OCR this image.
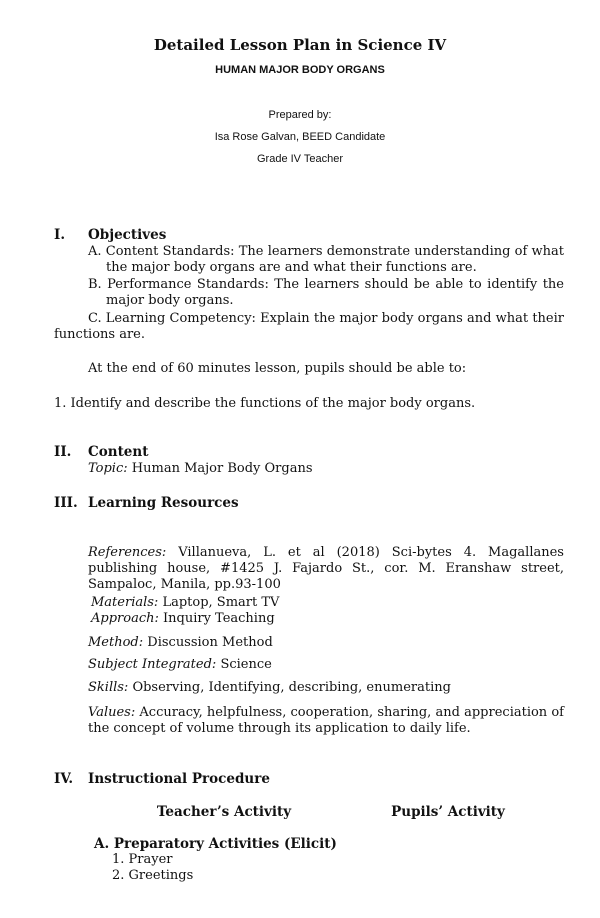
Detailed Lesson Plan in Science IV
HUMAN MAJOR BODY ORGANS
Prepared by:
Isa Rose Galvan, BEED Candidate
Grade IV Teacher
I. Objectives
A. Content Standards: The learners demonstrate understanding of what the major body organs are and what their functions are.
B. Performance Standards: The learners should be able to identify the major body organs.
C. Learning Competency: Explain the major body organs and what their functions are.
At the end of 60 minutes lesson, pupils should be able to:
1. Identify and describe the functions of the major body organs.
II. Content
Topic: Human Major Body Organs
III. Learning Resources
References: Villanueva, L. et al (2018) Sci-bytes 4. Magallanes publishing house, #1425 J. Fajardo St., cor. M. Eranshaw street, Sampaloc, Manila, pp.93-100
Materials: Laptop, Smart TV
Approach: Inquiry Teaching
Method: Discussion Method
Subject Integrated: Science
Skills: Observing, Identifying, describing, enumerating
Values: Accuracy, helpfulness, cooperation, sharing, and appreciation of the concept of volume through its application to daily life.
IV. Instructional Procedure
Teacher’s Activity	Pupils’ Activity
A. Preparatory Activities (Elicit)
1. Prayer
2. Greetings
